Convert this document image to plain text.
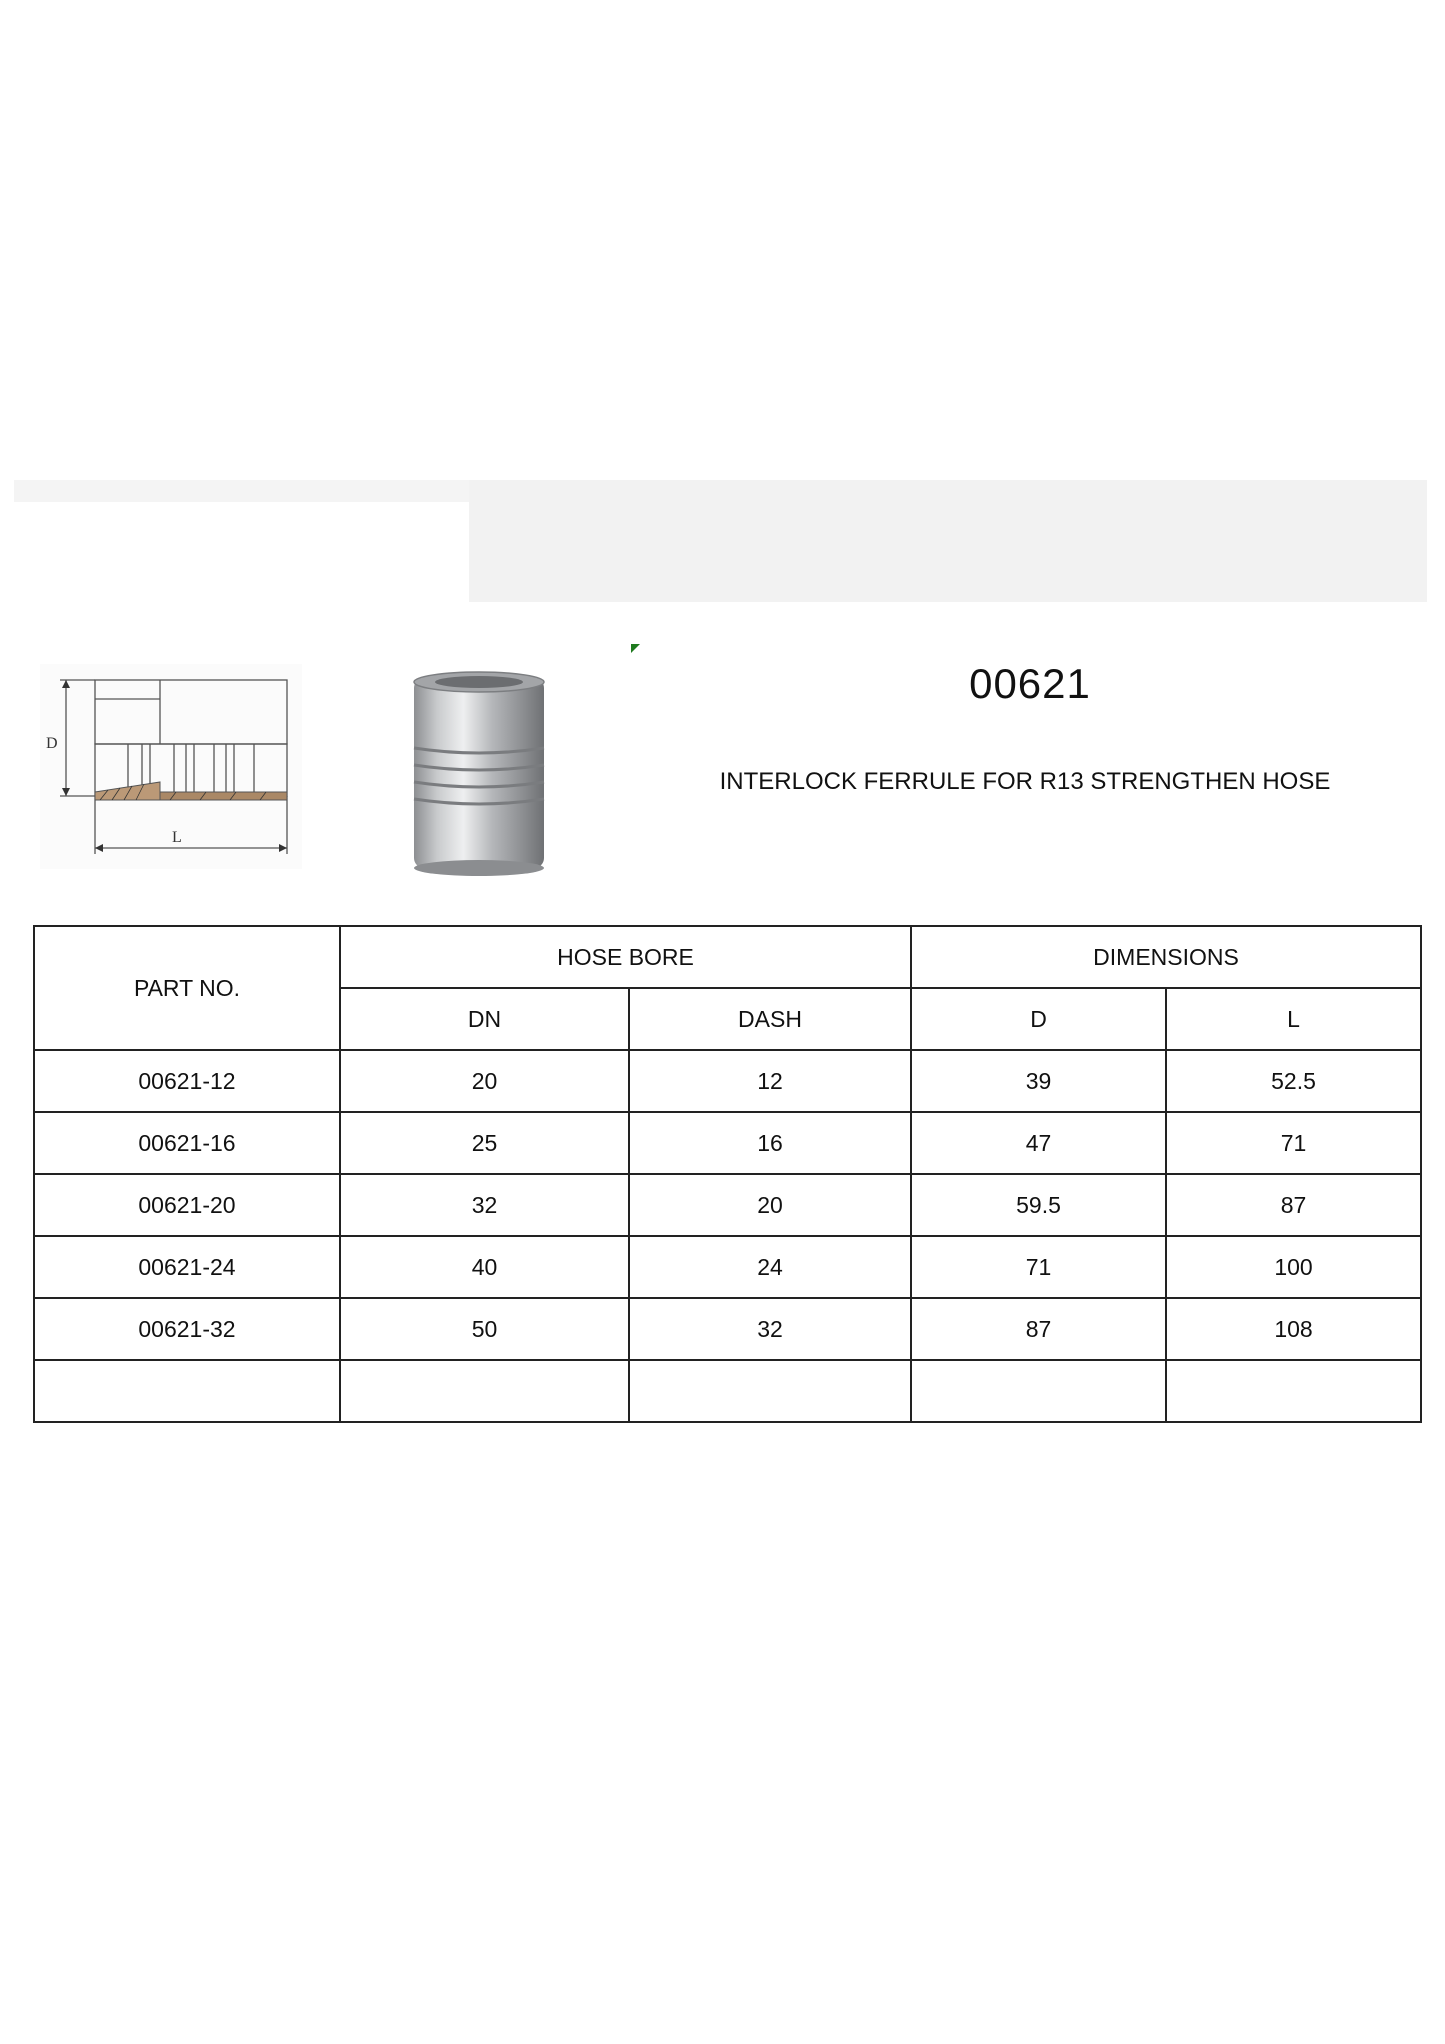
D
L
00621
INTERLOCK FERRULE FOR R13 STRENGTHEN HOSE
PART NO.	HOSE BORE		DIMENSIONS	
	DN	DASH	D	L
00621-12	20	12	39	52.5
00621-16	25	16	47	71
00621-20	32	20	59.5	87
00621-24	40	24	71	100
00621-32	50	32	87	108
